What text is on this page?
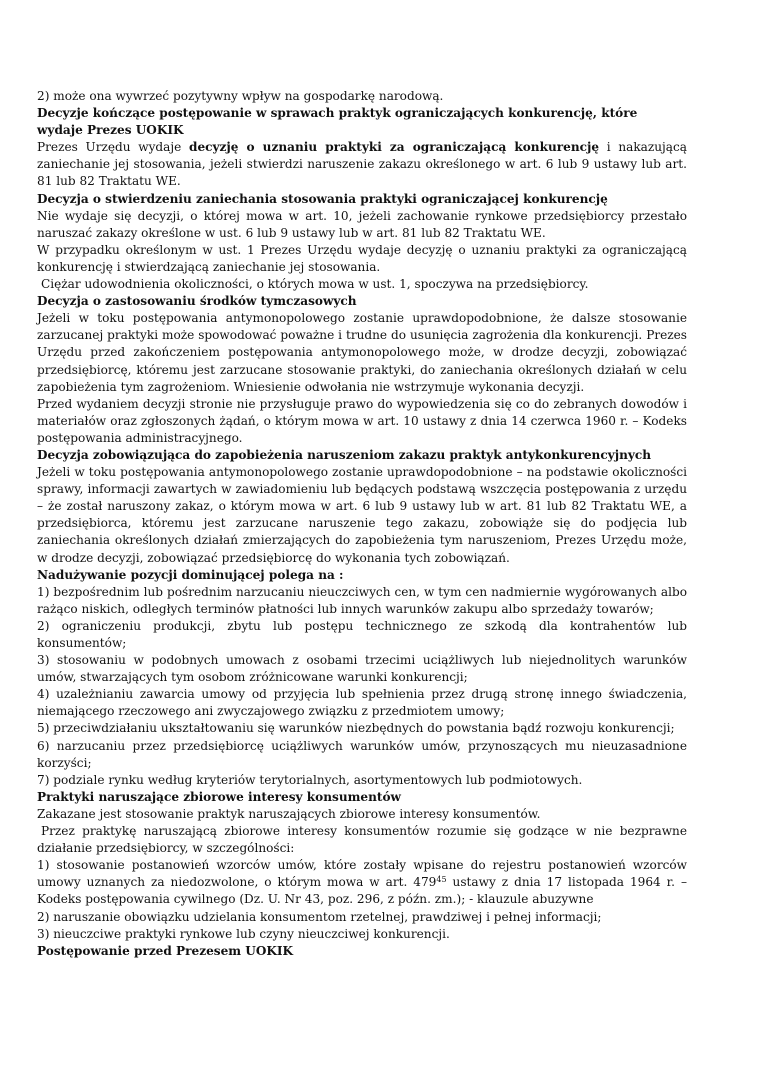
2) może ona wywrzeć pozytywny wpływ na gospodarkę narodową.

Decyzje kończące postępowanie w sprawach praktyk ograniczających konkurencję, które wydaje Prezes UOKIK

Prezes Urzędu wydaje decyzję o uznaniu praktyki za ograniczającą konkurencję i nakazującą zaniechanie jej stosowania, jeżeli stwierdzi naruszenie zakazu określonego w art. 6 lub 9 ustawy lub art. 81 lub 82 Traktatu WE.

Decyzja o stwierdzeniu zaniechania stosowania praktyki ograniczającej konkurencję

Nie wydaje się decyzji, o której mowa w art. 10, jeżeli zachowanie rynkowe przedsiębiorcy przestało naruszać zakazy określone w ust. 6 lub 9 ustawy lub w art. 81 lub 82 Traktatu WE.

W przypadku określonym w ust. 1 Prezes Urzędu wydaje decyzję o uznaniu praktyki za ograniczającą konkurencję i stwierdzającą zaniechanie jej stosowania.

Ciężar udowodnienia okoliczności, o których mowa w ust. 1, spoczywa na przedsiębiorcy.

Decyzja o zastosowaniu środków tymczasowych

Jeżeli w toku postępowania antymonopolowego zostanie uprawdopodobnione, że dalsze stosowanie zarzucanej praktyki może spowodować poważne i trudne do usunięcia zagrożenia dla konkurencji. Prezes Urzędu przed zakończeniem postępowania antymonopolowego może, w drodze decyzji, zobowiązać przedsiębiorcę, któremu jest zarzucane stosowanie praktyki, do zaniechania określonych działań w celu zapobieżenia tym zagrożeniom. Wniesienie odwołania nie wstrzymuje wykonania decyzji.

Przed wydaniem decyzji stronie nie przysługuje prawo do wypowiedzenia się co do zebranych dowodów i materiałów oraz zgłoszonych żądań, o którym mowa w art. 10 ustawy z dnia 14 czerwca 1960 r. – Kodeks postępowania administracyjnego.

Decyzja zobowiązująca do zapobieżenia naruszeniom zakazu praktyk antykonkurencyjnych

Jeżeli w toku postępowania antymonopolowego zostanie uprawdopodobnione – na podstawie okoliczności sprawy, informacji zawartych w zawiadomieniu lub będących podstawą wszczęcia postępowania z urzędu – że został naruszony zakaz, o którym mowa w art. 6 lub 9 ustawy lub w art. 81 lub 82 Traktatu WE, a przedsiębiorca, któremu jest zarzucane naruszenie tego zakazu, zobowiąże się do podjęcia lub zaniechania określonych działań zmierzających do zapobieżenia tym naruszeniom, Prezes Urzędu może, w drodze decyzji, zobowiązać przedsiębiorcę do wykonania tych zobowiązań.

Nadużywanie pozycji dominującej polega na :

1) bezpośrednim lub pośrednim narzucaniu nieuczciwych cen, w tym cen nadmiernie wygórowanych albo rażąco niskich, odległych terminów płatności lub innych warunków zakupu albo sprzedaży towarów;

2) ograniczeniu produkcji, zbytu lub postępu technicznego ze szkodą dla kontrahentów lub konsumentów;

3) stosowaniu w podobnych umowach z osobami trzecimi uciążliwych lub niejednolitych warunków umów, stwarzających tym osobom zróżnicowane warunki konkurencji;

4) uzależnianiu zawarcia umowy od przyjęcia lub spełnienia przez drugą stronę innego świadczenia, niemającego rzeczowego ani zwyczajowego związku z przedmiotem umowy;

5) przeciwdziałaniu ukształtowaniu się warunków niezbędnych do powstania bądź rozwoju konkurencji;

6) narzucaniu przez przedsiębiorcę uciążliwych warunków umów, przynoszących mu nieuzasadnione korzyści;

7) podziale rynku według kryteriów terytorialnych, asortymentowych lub podmiotowych.

Praktyki naruszające zbiorowe interesy konsumentów

Zakazane jest stosowanie praktyk naruszających zbiorowe interesy konsumentów.

Przez praktykę naruszającą zbiorowe interesy konsumentów rozumie się godzące w nie bezprawne działanie przedsiębiorcy, w szczególności:

1) stosowanie postanowień wzorców umów, które zostały wpisane do rejestru postanowień wzorców umowy uznanych za niedozwolone, o którym mowa w art. $479^{45}$ ustawy z dnia 17 listopada 1964 r. – Kodeks postępowania cywilnego (Dz. U. Nr 43, poz. 296, z późn. zm.); - klauzule abuzywne

2) naruszanie obowiązku udzielania konsumentom rzetelnej, prawdziwej i pełnej informacji;

3) nieuczciwe praktyki rynkowe lub czyny nieuczciwej konkurencji.

Postępowanie przed Prezesem UOKIK
